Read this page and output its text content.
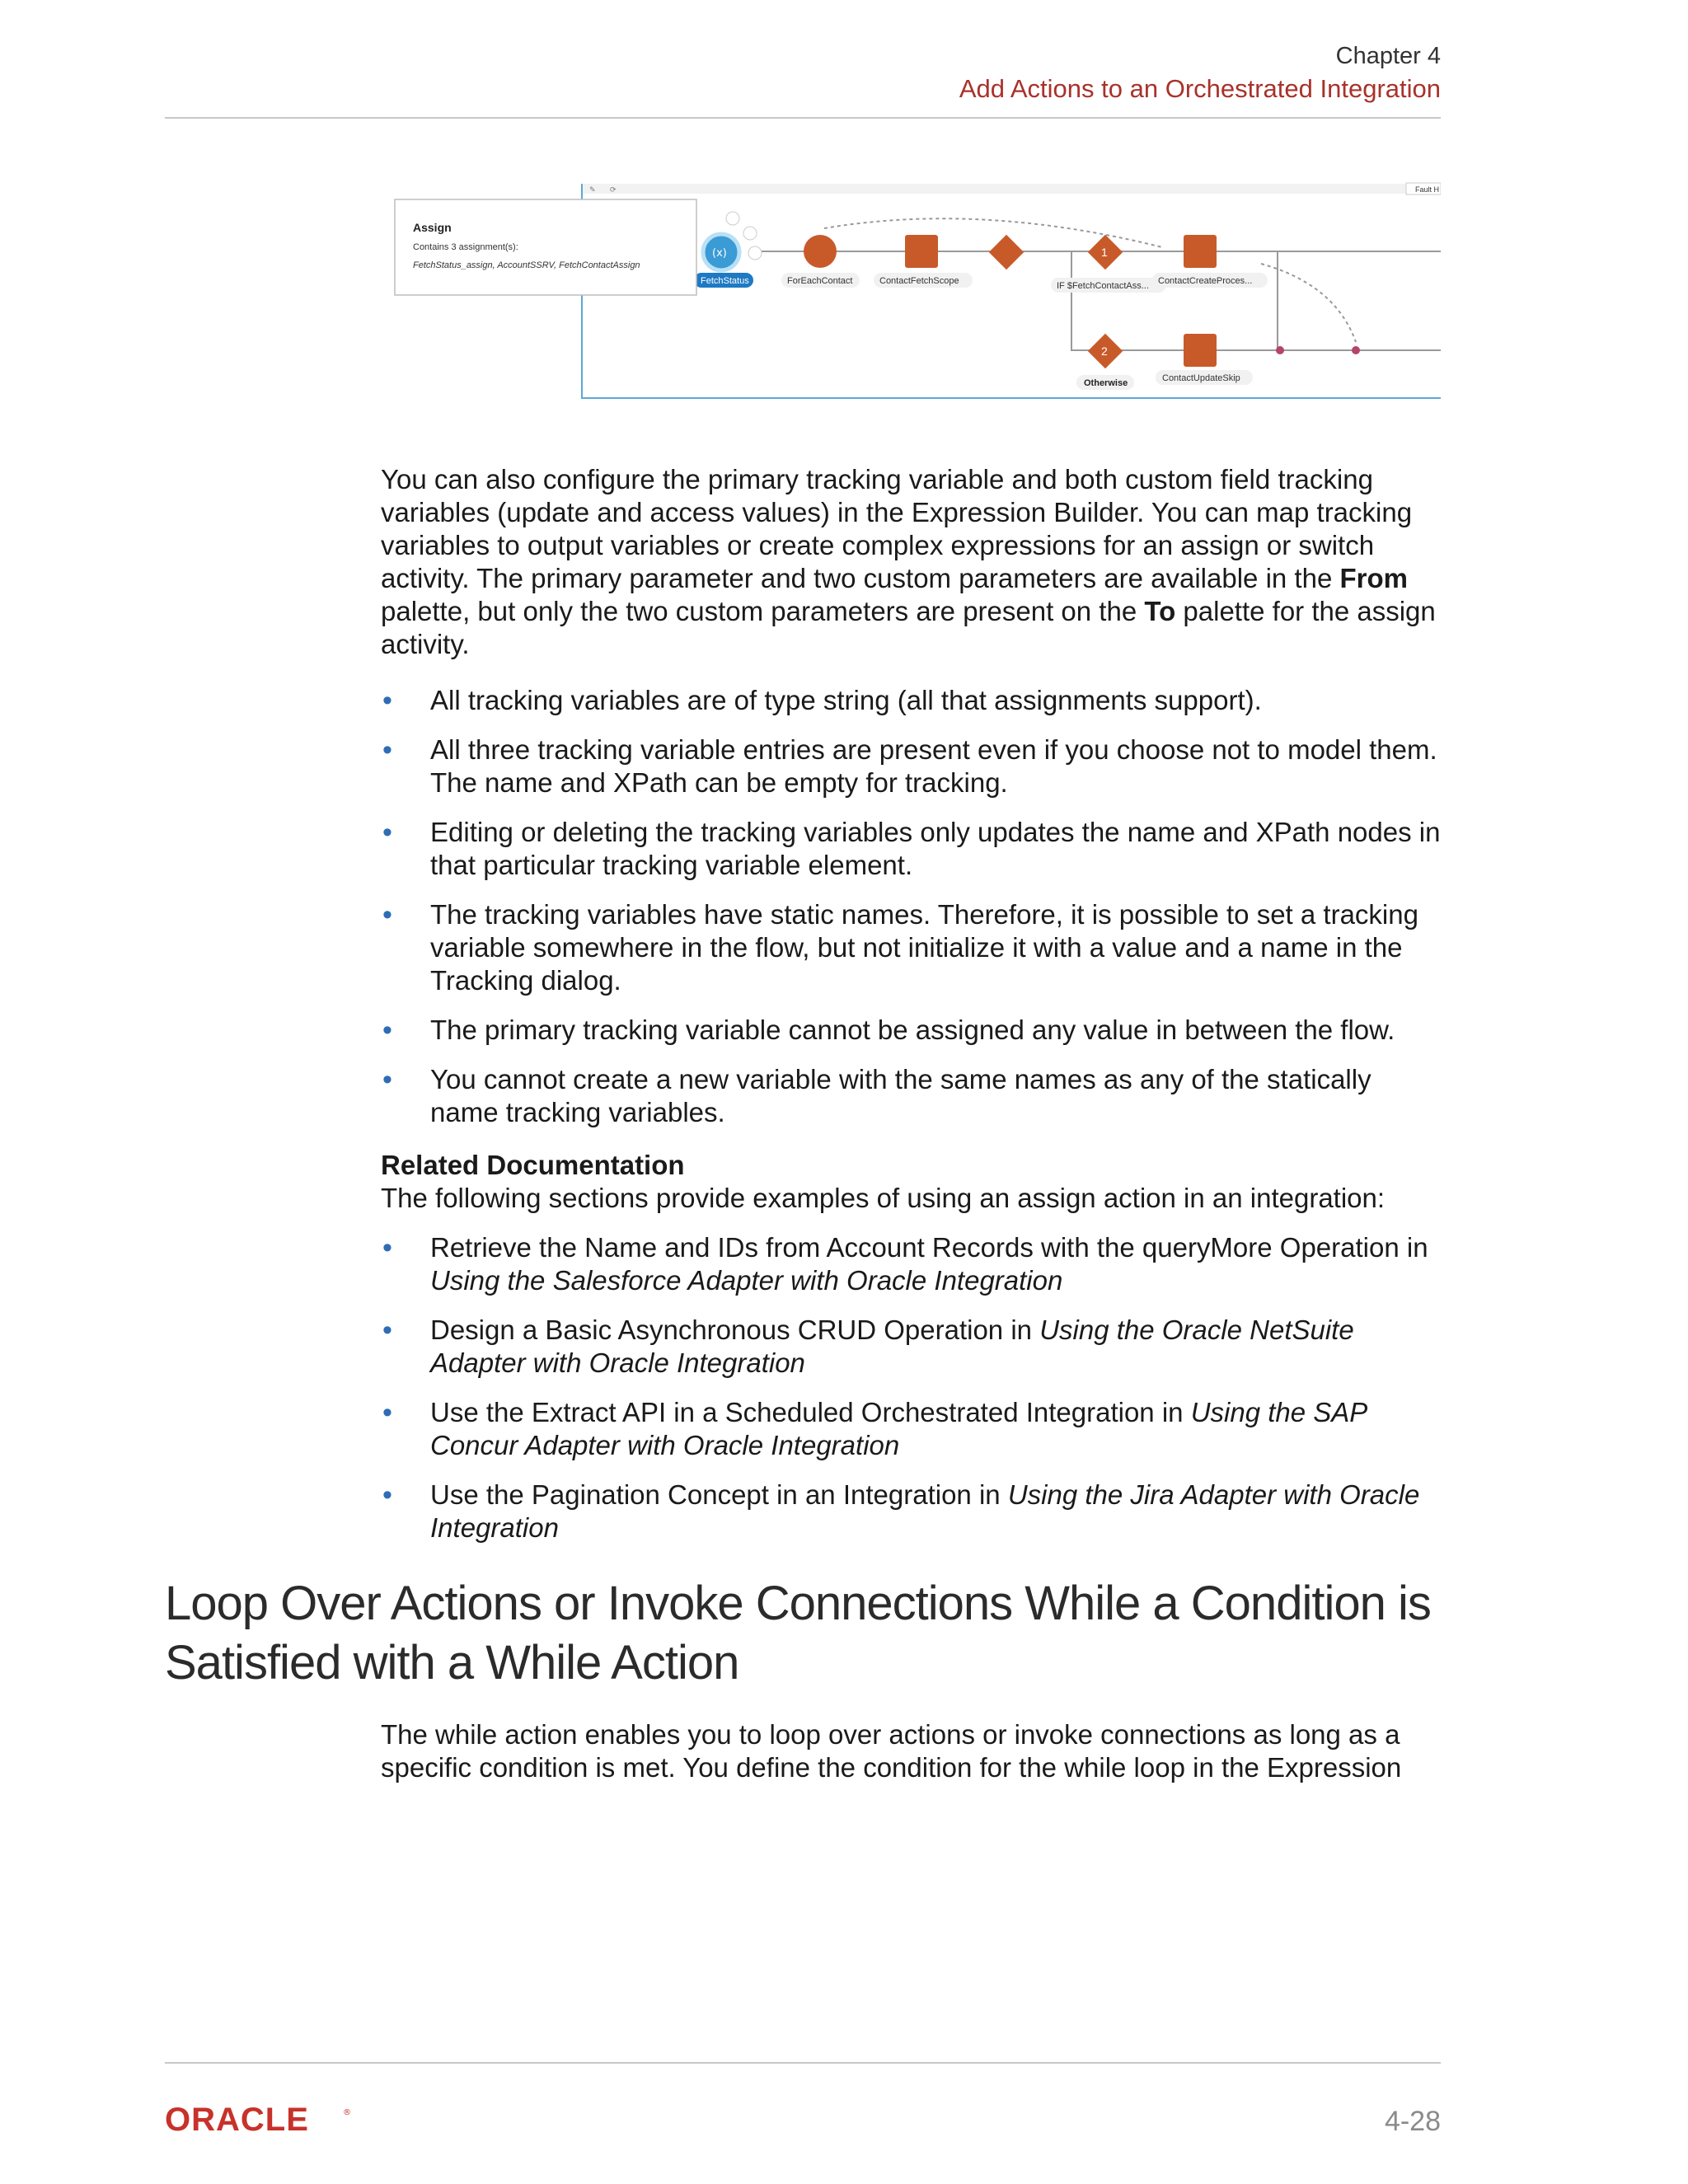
Chapter 4
Add Actions to an Orchestrated Integration
✎ ⟳	Fault H
(x)
FetchStatus	ForEachContact	ContactFetchScope
1
IF $FetchContactAss... ContactCreateProces...
2
Otherwise	ContactUpdateSkip
Assign
Contains 3 assignment(s):
FetchStatus_assign, AccountSSRV, FetchContactAssign

You can also configure the primary tracking variable and both custom field tracking variables (update and access values) in the Expression Builder. You can map tracking variables to output variables or create complex expressions for an assign or switch activity. The primary parameter and two custom parameters are available in the From palette, but only the two custom parameters are present on the To palette for the assign activity.

• All tracking variables are of type string (all that assignments support).
• All three tracking variable entries are present even if you choose not to model them. The name and XPath can be empty for tracking.
• Editing or deleting the tracking variables only updates the name and XPath nodes in that particular tracking variable element.
• The tracking variables have static names. Therefore, it is possible to set a tracking variable somewhere in the flow, but not initialize it with a value and a name in the Tracking dialog.
• The primary tracking variable cannot be assigned any value in between the flow.
• You cannot create a new variable with the same names as any of the statically name tracking variables.

Related Documentation

The following sections provide examples of using an assign action in an integration:

• Retrieve the Name and IDs from Account Records with the queryMore Operation in Using the Salesforce Adapter with Oracle Integration
• Design a Basic Asynchronous CRUD Operation in Using the Oracle NetSuite Adapter with Oracle Integration
• Use the Extract API in a Scheduled Orchestrated Integration in Using the SAP Concur Adapter with Oracle Integration
• Use the Pagination Concept in an Integration in Using the Jira Adapter with Oracle Integration
Loop Over Actions or Invoke Connections While a Condition is Satisfied with a While Action

The while action enables you to loop over actions or invoke connections as long as a specific condition is met. You define the condition for the while loop in the Expression

ORACLE	®	4-28
